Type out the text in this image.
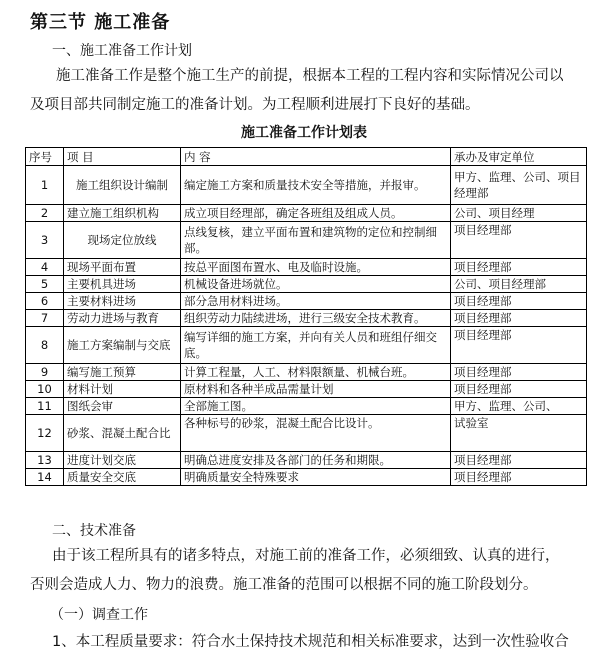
第三节 施工准备
一、施工准备工作计划

施工准备工作是整个施工生产的前提，根据本工程的工程内容和实际情况公司以

及项目部共同制定施工的准备计划。为工程顺利进展打下良好的基础。

施工准备工作计划表
序号	项 目	内 容	承办及审定单位
1	施工组织设计编制	编定施工方案和质量技术安全等措施，并报审。	甲方、监理、公司、项目经理部
2	建立施工组织机构	成立项目经理部，确定各班组及组成人员。	公司、项目经理
3	现场定位放线	点线复核，建立平面布置和建筑物的定位和控制细部。	项目经理部
4	现场平面布置	按总平面图布置水、电及临时设施。	项目经理部
5	主要机具进场	机械设备进场就位。	公司、项目经理部
6	主要材料进场	部分急用材料进场。	项目经理部
7	劳动力进场与教育	组织劳动力陆续进场，进行三级安全技术教育。	项目经理部
8	施工方案编制与交底	编写详细的施工方案，并向有关人员和班组仔细交底。	项目经理部
9	编写施工预算	计算工程量，人工、材料限额量、机械台班。	项目经理部
10	材料计划	原材料和各种半成品需量计划	项目经理部
11	图纸会审	全部施工图。	甲方、监理、公司、
12	砂浆、混凝土配合比	各种标号的砂浆，混凝土配合比设计。	试验室
13	进度计划交底	明确总进度安排及各部门的任务和期限。	项目经理部
14	质量安全交底	明确质量安全特殊要求	项目经理部
二、技术准备

由于该工程所具有的诸多特点，对施工前的准备工作，必须细致、认真的进行，

否则会造成人力、物力的浪费。施工准备的范围可以根据不同的施工阶段划分。

（一）调查工作
1、本工程质量要求：符合水土保持技术规范和相关标准要求，达到一次性验收合
